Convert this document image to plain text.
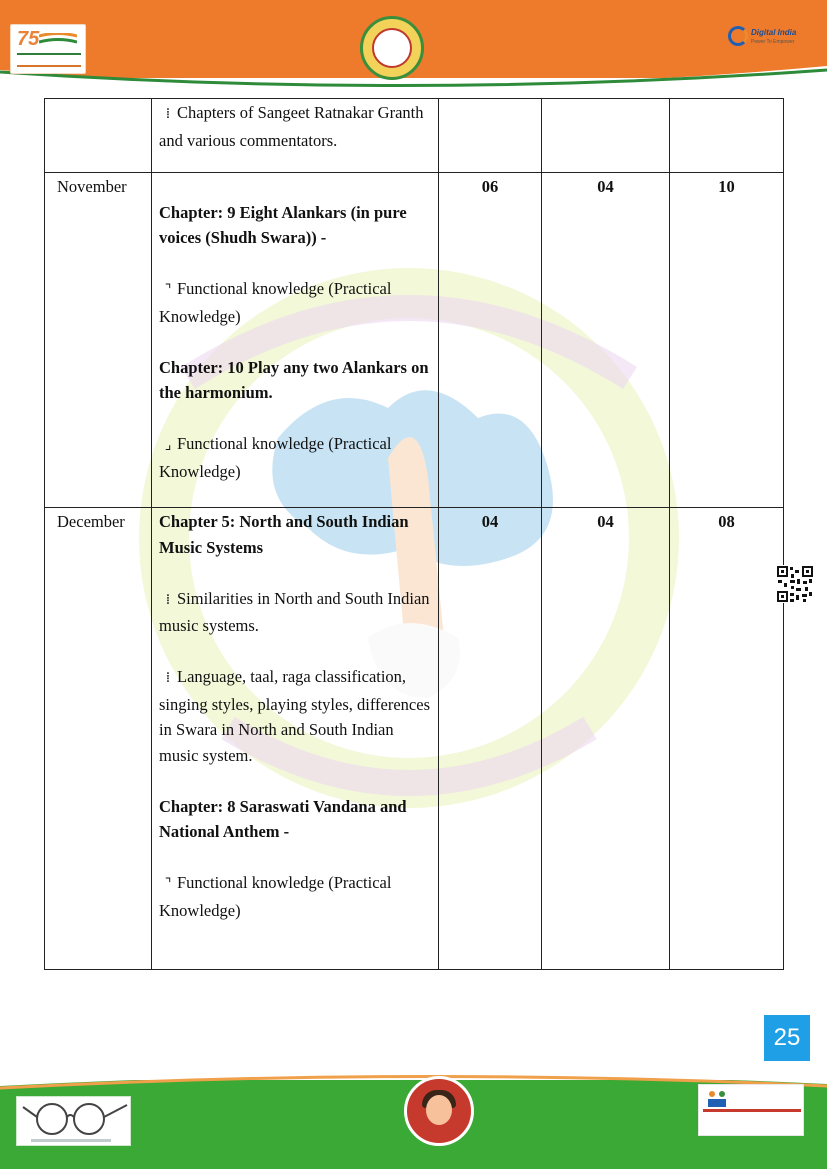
75	Digital India
Power To Empower

	⁞ Chapters of Sangeet Ratnakar Granth and various commentators.			

November	Chapter: 9 Eight Alankars (in pure voices (Shudh Swara)) -
⌝ Functional knowledge (Practical Knowledge)
Chapter: 10 Play any two Alankars on the harmonium.
⌟ Functional knowledge (Practical Knowledge)	06	04	10
December	Chapter 5: North and South Indian Music Systems
⁞ Similarities in North and South Indian music systems.
⁞ Language, taal, raga classification, singing styles, playing styles, differences in Swara in North and South Indian music system.
Chapter: 8 Saraswati Vandana and National Anthem -
⌝ Functional knowledge (Practical Knowledge)	04	04	08
25
